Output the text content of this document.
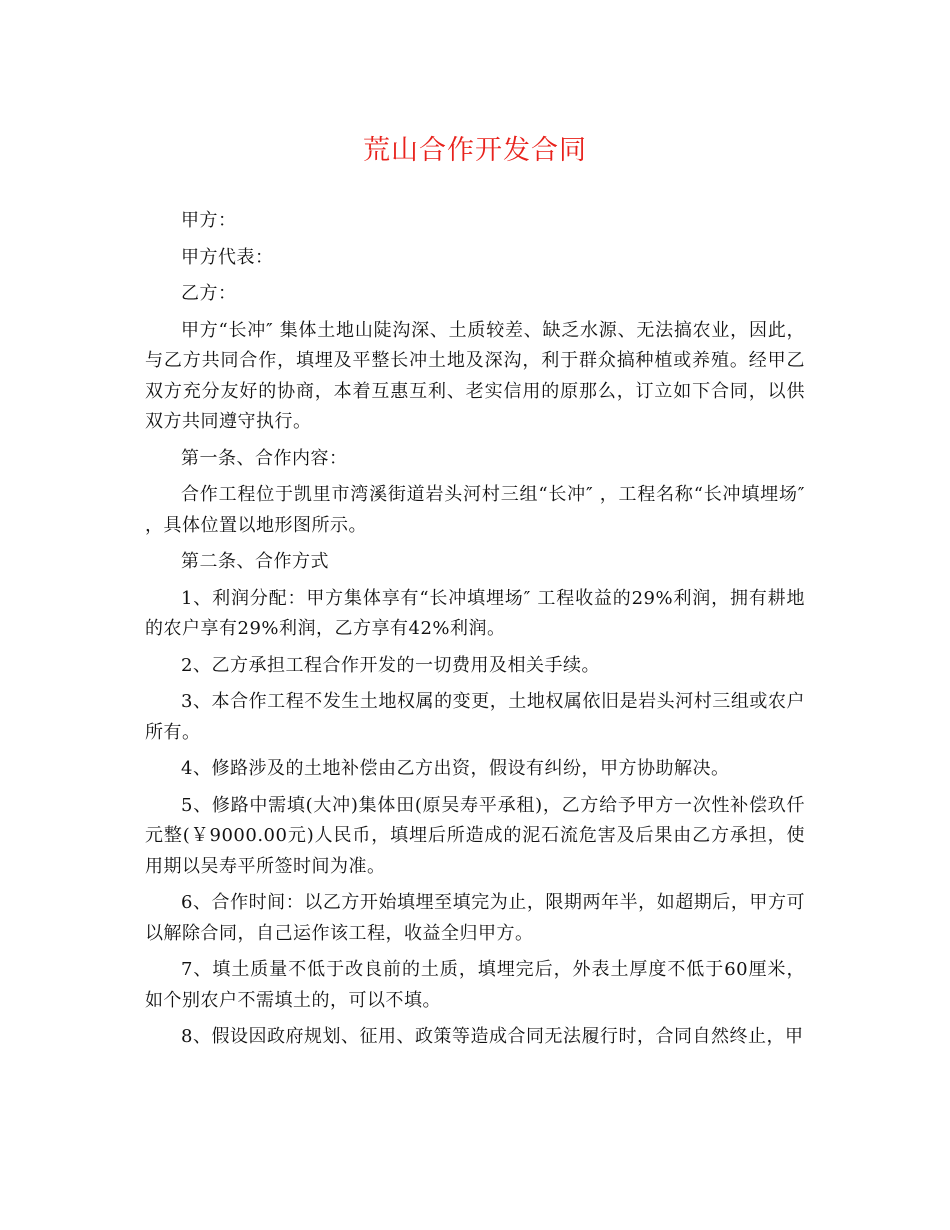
荒山合作开发合同

甲方：

甲方代表：

乙方：

甲方“长冲″ 集体土地山陡沟深、土质较差、缺乏水源、无法搞农业，因此，与乙方共同合作，填埋及平整长冲土地及深沟，利于群众搞种植或养殖。经甲乙双方充分友好的协商，本着互惠互利、老实信用的原那么，订立如下合同，以供双方共同遵守执行。

第一条、合作内容：

合作工程位于凯里市湾溪街道岩头河村三组“长冲″ ，工程名称“长冲填埋场″ ，具体位置以地形图所示。

第二条、合作方式

1、利润分配：甲方集体享有“长冲填埋场″ 工程收益的29%利润，拥有耕地的农户享有29%利润，乙方享有42%利润。

2、乙方承担工程合作开发的一切费用及相关手续。

3、本合作工程不发生土地权属的变更，土地权属依旧是岩头河村三组或农户所有。

4、修路涉及的土地补偿由乙方出资，假设有纠纷，甲方协助解决。

5、修路中需填(大冲)集体田(原吴寿平承租)，乙方给予甲方一次性补偿玖仟元整(￥9000.00元)人民币，填埋后所造成的泥石流危害及后果由乙方承担，使用期以吴寿平所签时间为准。

6、合作时间：以乙方开始填埋至填完为止，限期两年半，如超期后，甲方可以解除合同，自己运作该工程，收益全归甲方。

7、填土质量不低于改良前的土质，填埋完后，外表土厚度不低于60厘米，如个别农户不需填土的，可以不填。

8、假设因政府规划、征用、政策等造成合同无法履行时，合同自然终止，甲
